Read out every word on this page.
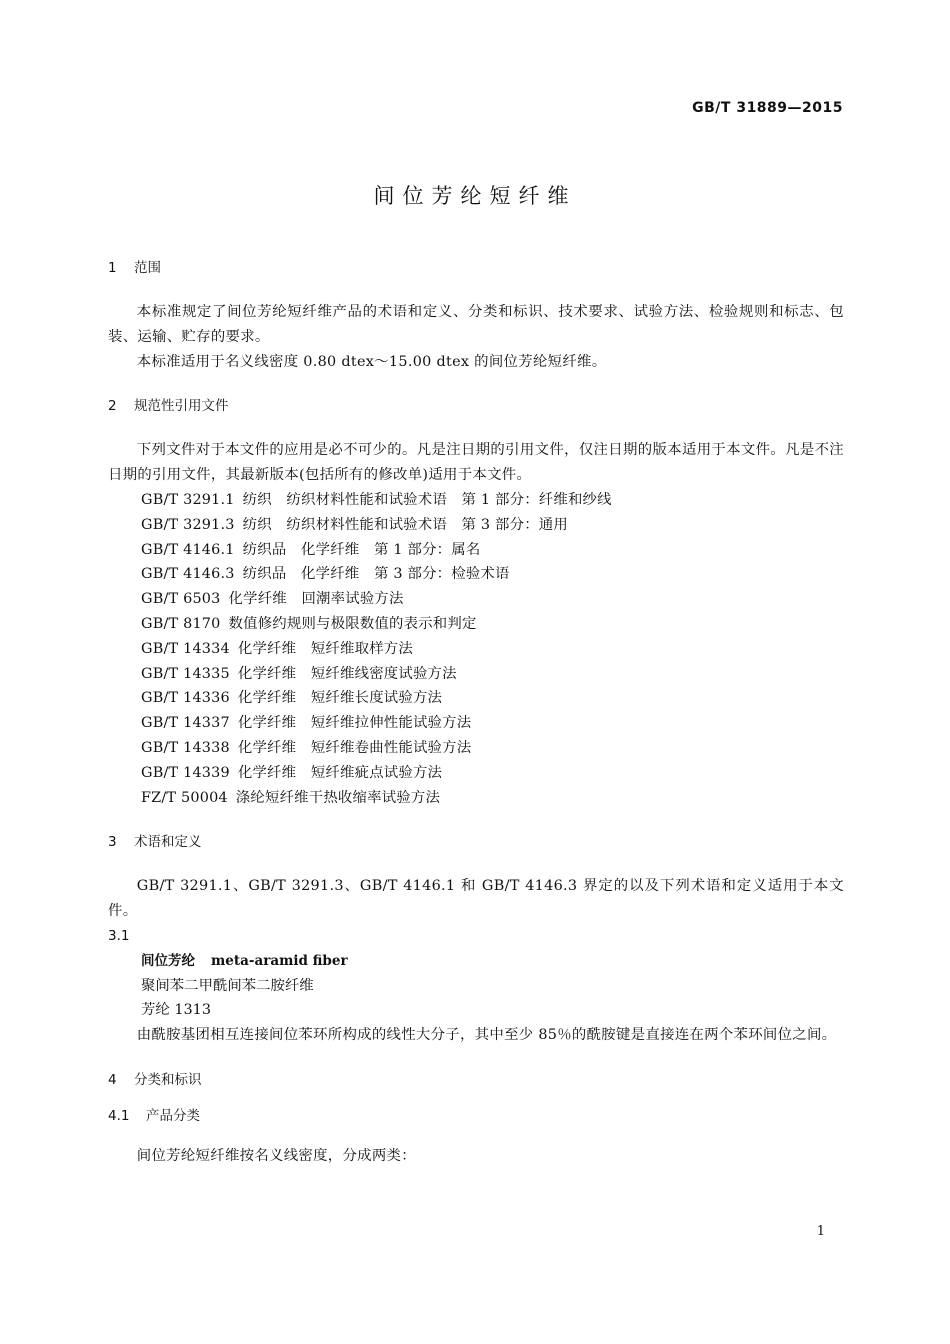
GB/T 31889—2015
间位芳纶短纤维
1 范围

本标准规定了间位芳纶短纤维产品的术语和定义、分类和标识、技术要求、试验方法、检验规则和标志、包装、运输、贮存的要求。

本标准适用于名义线密度 0.80 dtex～15.00 dtex 的间位芳纶短纤维。

2 规范性引用文件

下列文件对于本文件的应用是必不可少的。凡是注日期的引用文件，仅注日期的版本适用于本文件。凡是不注日期的引用文件，其最新版本(包括所有的修改单)适用于本文件。

GB/T 3291.1 纺织　纺织材料性能和试验术语　第 1 部分：纤维和纱线
GB/T 3291.3 纺织　纺织材料性能和试验术语　第 3 部分：通用
GB/T 4146.1 纺织品　化学纤维　第 1 部分：属名
GB/T 4146.3 纺织品　化学纤维　第 3 部分：检验术语
GB/T 6503 化学纤维　回潮率试验方法
GB/T 8170 数值修约规则与极限数值的表示和判定
GB/T 14334 化学纤维　短纤维取样方法
GB/T 14335 化学纤维　短纤维线密度试验方法
GB/T 14336 化学纤维　短纤维长度试验方法
GB/T 14337 化学纤维　短纤维拉伸性能试验方法
GB/T 14338 化学纤维　短纤维卷曲性能试验方法
GB/T 14339 化学纤维　短纤维疵点试验方法
FZ/T 50004 涤纶短纤维干热收缩率试验方法
3 术语和定义

GB/T 3291.1、GB/T 3291.3、GB/T 4146.1 和 GB/T 4146.3 界定的以及下列术语和定义适用于本文件。

3.1

间位芳纶 meta-aramid fiber

聚间苯二甲酰间苯二胺纤维

芳纶 1313

由酰胺基团相互连接间位苯环所构成的线性大分子，其中至少 85％的酰胺键是直接连在两个苯环间位之间。

4 分类和标识
4.1 产品分类

间位芳纶短纤维按名义线密度，分成两类：

1
